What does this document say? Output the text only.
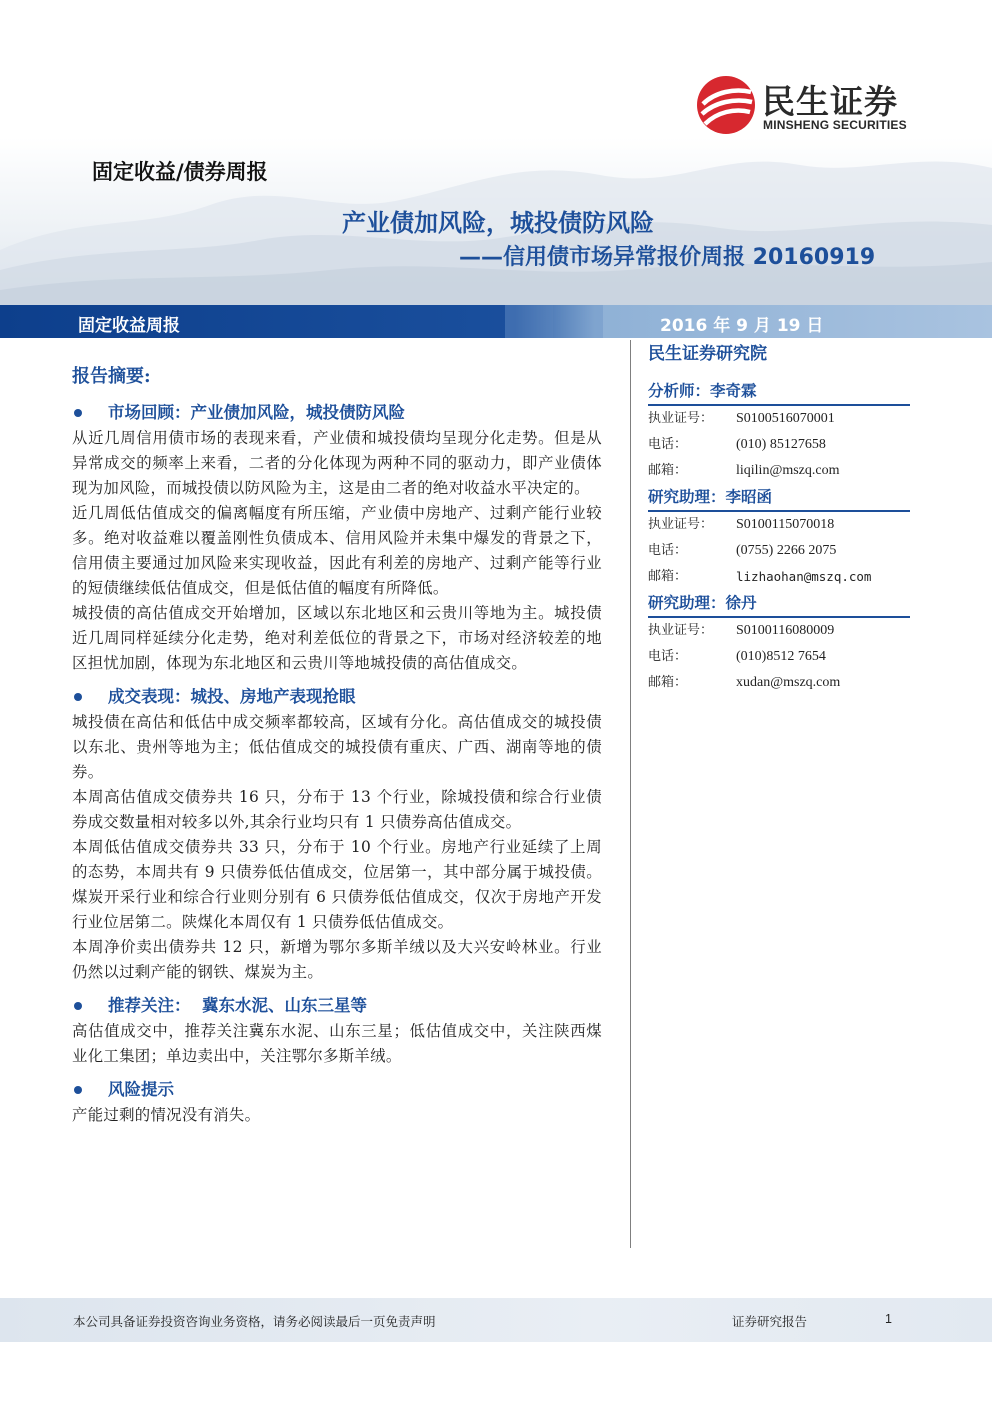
民生证券
MINSHENG SECURITIES
固定收益/债券周报
产业债加风险，城投债防风险
——信用债市场异常报价周报 20160919
固定收益周报	2016 年 9 月 19 日
报告摘要:
市场回顾：产业债加风险，城投债防风险

从近几周信用债市场的表现来看，产业债和城投债均呈现分化走势。但是从异常成交的频率上来看，二者的分化体现为两种不同的驱动力，即产业债体现为加风险，而城投债以防风险为主，这是由二者的绝对收益水平决定的。

近几周低估值成交的偏离幅度有所压缩，产业债中房地产、过剩产能行业较多。绝对收益难以覆盖刚性负债成本、信用风险并未集中爆发的背景之下，信用债主要通过加风险来实现收益，因此有利差的房地产、过剩产能等行业的短债继续低估值成交，但是低估值的幅度有所降低。

城投债的高估值成交开始增加，区域以东北地区和云贵川等地为主。城投债近几周同样延续分化走势，绝对利差低位的背景之下，市场对经济较差的地区担忧加剧，体现为东北地区和云贵川等地城投债的高估值成交。

成交表现：城投、房地产表现抢眼

城投债在高估和低估中成交频率都较高，区域有分化。高估值成交的城投债以东北、贵州等地为主；低估值成交的城投债有重庆、广西、湖南等地的债券。

本周高估值成交债券共 16 只，分布于 13 个行业，除城投债和综合行业债券成交数量相对较多以外,其余行业均只有 1 只债券高估值成交。

本周低估值成交债券共 33 只，分布于 10 个行业。房地产行业延续了上周的态势，本周共有 9 只债券低估值成交，位居第一，其中部分属于城投债。煤炭开采行业和综合行业则分别有 6 只债券低估值成交，仅次于房地产开发行业位居第二。陕煤化本周仅有 1 只债券低估值成交。

本周净价卖出债券共 12 只，新增为鄂尔多斯羊绒以及大兴安岭林业。行业仍然以过剩产能的钢铁、煤炭为主。

推荐关注：  冀东水泥、山东三星等

高估值成交中，推荐关注冀东水泥、山东三星；低估值成交中，关注陕西煤业化工集团；单边卖出中，关注鄂尔多斯羊绒。

风险提示

产能过剩的情况没有消失。

民生证券研究院
分析师：李奇霖
执业证号： S0100516070001
电话：	(010) 85127658
邮箱：	liqilin@mszq.com
研究助理：李昭函
执业证号： S0100115070018
电话：	(0755) 2266 2075
邮箱：	lizhaohan@mszq.com
研究助理：徐丹
执业证号： S0100116080009
电话：	(010)8512 7654
邮箱：	xudan@mszq.com
本公司具备证券投资咨询业务资格，请务必阅读最后一页免责声明	证券研究报告	1
